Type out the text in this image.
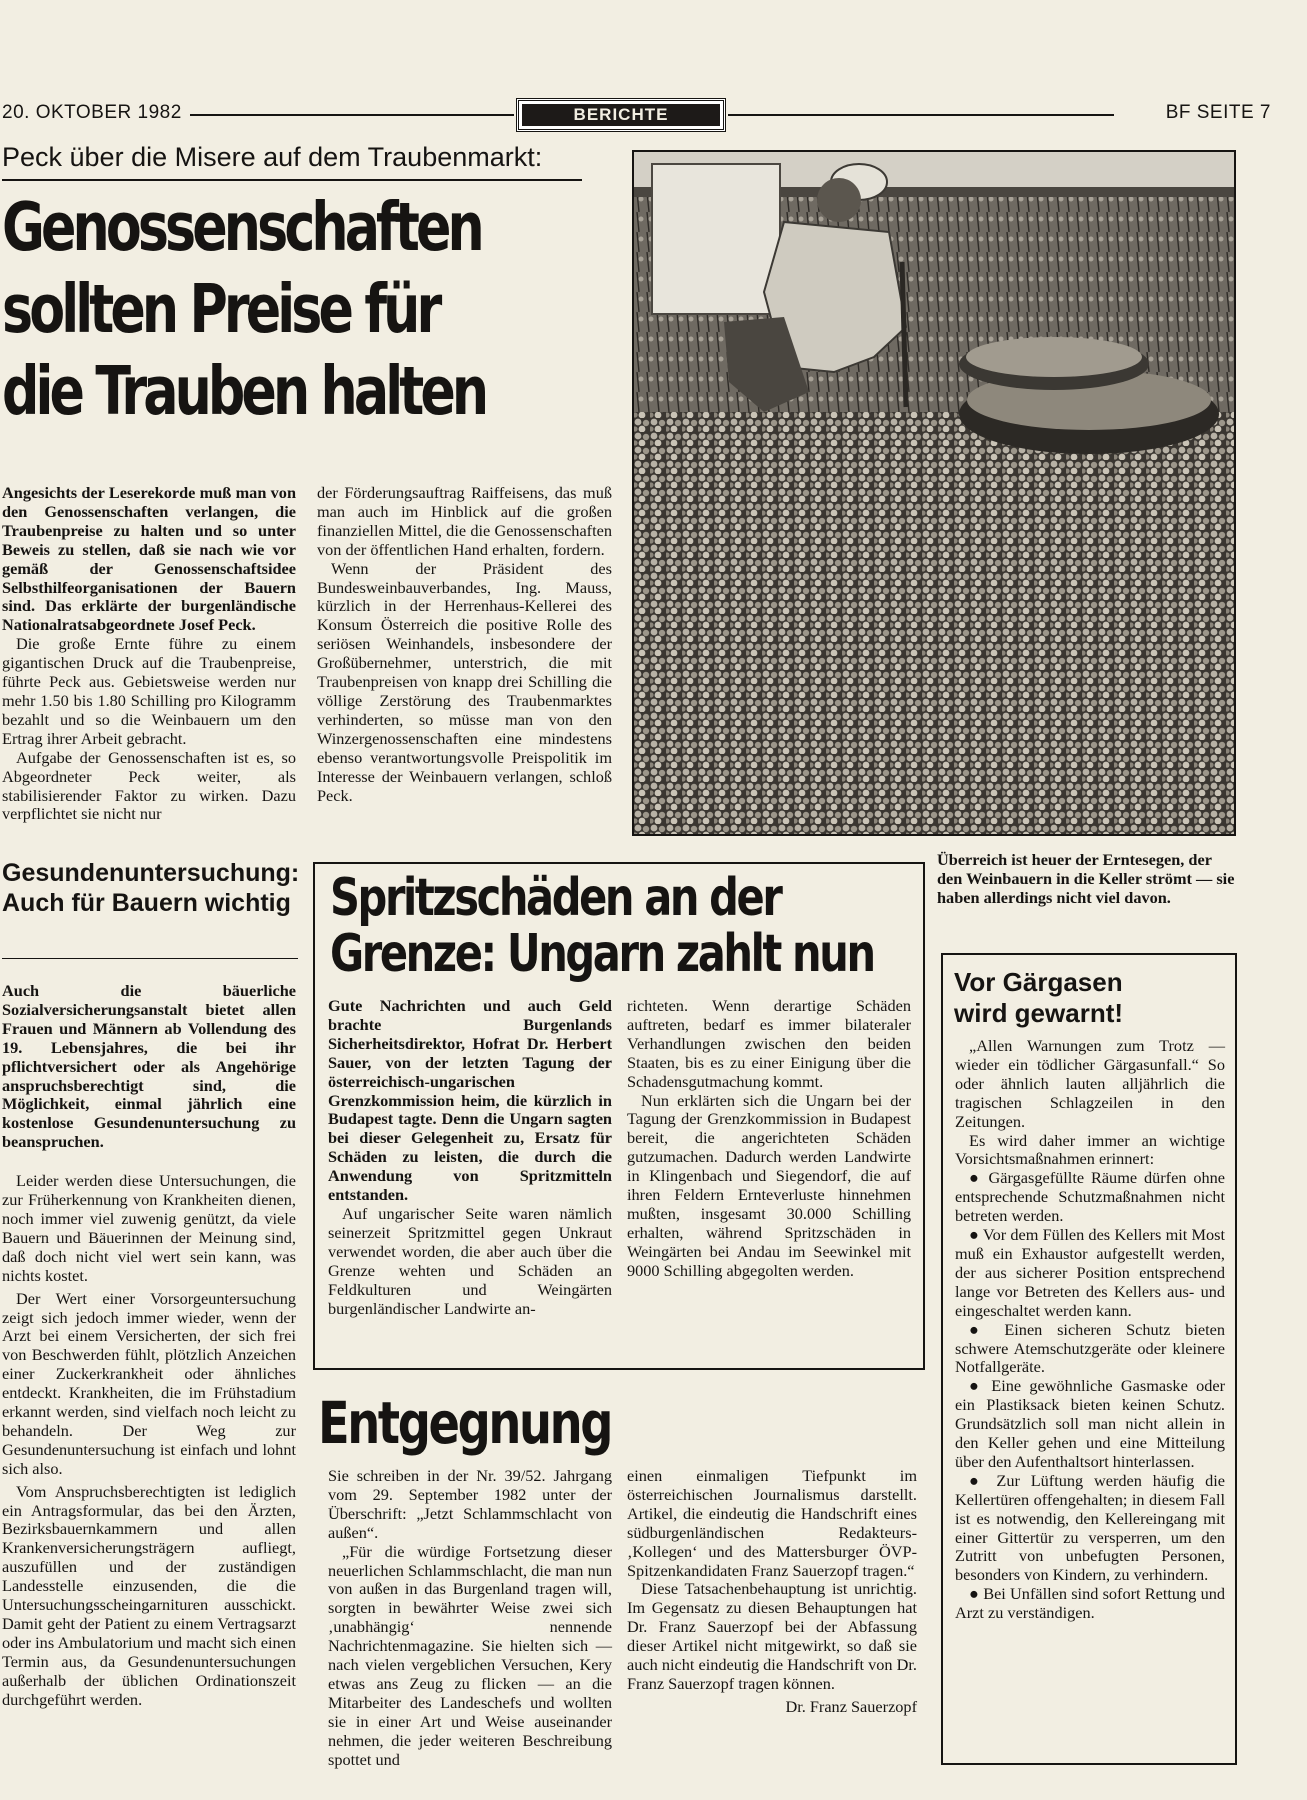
20. OKTOBER 1982	BERICHTE	BF SEITE 7
Peck über die Misere auf dem Traubenmarkt:
Genossenschaften
sollten Preise für
die Trauben halten

Angesichts der Leserekorde muß man von den Genossenschaften verlangen, die Traubenpreise zu halten und so unter Beweis zu stellen, daß sie nach wie vor gemäß der Genossenschaftsidee Selbsthilfeorganisationen der Bauern sind. Das erklärte der burgenländische Nationalratsabgeordnete Josef Peck.

Die große Ernte führe zu einem gigantischen Druck auf die Traubenpreise, führte Peck aus. Gebietsweise werden nur mehr 1.50 bis 1.80 Schilling pro Kilogramm bezahlt und so die Weinbauern um den Ertrag ihrer Arbeit gebracht.

Aufgabe der Genossenschaften ist es, so Abgeordneter Peck weiter, als stabilisierender Faktor zu wirken. Dazu verpflichtet sie nicht nur

der Förderungsauftrag Raiffeisens, das muß man auch im Hinblick auf die großen finanziellen Mittel, die die Genossenschaften von der öffentlichen Hand erhalten, fordern.

Wenn der Präsident des Bundesweinbauverbandes, Ing. Mauss, kürzlich in der Herrenhaus-Kellerei des Konsum Österreich die positive Rolle des seriösen Weinhandels, insbesondere der Großübernehmer, unterstrich, die mit Traubenpreisen von knapp drei Schilling die völlige Zerstörung des Traubenmarktes verhinderten, so müsse man von den Winzergenossenschaften eine mindestens ebenso verantwortungsvolle Preispolitik im Interesse der Weinbauern verlangen, schloß Peck.

Überreich ist heuer der Erntesegen, der den Weinbauern in die Keller strömt — sie haben allerdings nicht viel davon.
Gesundenuntersuchung: Auch für Bauern wichtig

Auch die bäuerliche Sozialversicherungsanstalt bietet allen Frauen und Männern ab Vollendung des 19. Lebensjahres, die bei ihr pflichtversichert oder als Angehörige anspruchsberechtigt sind, die Möglichkeit, einmal jährlich eine kostenlose Gesundenuntersuchung zu beanspruchen.

Leider werden diese Untersuchungen, die zur Früherkennung von Krankheiten dienen, noch immer viel zuwenig genützt, da viele Bauern und Bäuerinnen der Meinung sind, daß doch nicht viel wert sein kann, was nichts kostet.

Der Wert einer Vorsorgeuntersuchung zeigt sich jedoch immer wieder, wenn der Arzt bei einem Versicherten, der sich frei von Beschwerden fühlt, plötzlich Anzeichen einer Zuckerkrankheit oder ähnliches entdeckt. Krankheiten, die im Frühstadium erkannt werden, sind vielfach noch leicht zu behandeln. Der Weg zur Gesundenuntersuchung ist einfach und lohnt sich also.

Vom Anspruchsberechtigten ist lediglich ein Antragsformular, das bei den Ärzten, Bezirksbauernkammern und allen Krankenversicherungsträgern aufliegt, auszufüllen und der zuständigen Landesstelle einzusenden, die die Untersuchungsscheingarnituren ausschickt. Damit geht der Patient zu einem Vertragsarzt oder ins Ambulatorium und macht sich einen Termin aus, da Gesundenuntersuchungen außerhalb der üblichen Ordinationszeit durchgeführt werden.

Spritzschäden an der
Grenze: Ungarn zahlt nun

Gute Nachrichten und auch Geld brachte Burgenlands Sicherheitsdirektor, Hofrat Dr. Herbert Sauer, von der letzten Tagung der österreichisch-ungarischen Grenzkommission heim, die kürzlich in Budapest tagte. Denn die Ungarn sagten bei dieser Gelegenheit zu, Ersatz für Schäden zu leisten, die durch die Anwendung von Spritzmitteln entstanden.

Auf ungarischer Seite waren nämlich seinerzeit Spritzmittel gegen Unkraut verwendet worden, die aber auch über die Grenze wehten und Schäden an Feldkulturen und Weingärten burgenländischer Landwirte an-

richteten. Wenn derartige Schäden auftreten, bedarf es immer bilateraler Verhandlungen zwischen den beiden Staaten, bis es zu einer Einigung über die Schadensgutmachung kommt.

Nun erklärten sich die Ungarn bei der Tagung der Grenzkommission in Budapest bereit, die angerichteten Schäden gutzumachen. Dadurch werden Landwirte in Klingenbach und Siegendorf, die auf ihren Feldern Ernteverluste hinnehmen mußten, insgesamt 30.000 Schilling erhalten, während Spritzschäden in Weingärten bei Andau im Seewinkel mit 9000 Schilling abgegolten werden.

Entgegnung

Sie schreiben in der Nr. 39/52. Jahrgang vom 29. September 1982 unter der Überschrift: „Jetzt Schlammschlacht von außen“.

„Für die würdige Fortsetzung dieser neuerlichen Schlammschlacht, die man nun von außen in das Burgenland tragen will, sorgten in bewährter Weise zwei sich ‚unabhängig‘ nennende Nachrichtenmagazine. Sie hielten sich — nach vielen vergeblichen Versuchen, Kery etwas ans Zeug zu flicken — an die Mitarbeiter des Landeschefs und wollten sie in einer Art und Weise auseinander nehmen, die jeder weiteren Beschreibung spottet und

einen einmaligen Tiefpunkt im österreichischen Journalismus darstellt. Artikel, die eindeutig die Handschrift eines südburgenländischen Redakteurs-‚Kollegen‘ und des Mattersburger ÖVP-Spitzenkandidaten Franz Sauerzopf tragen.“

Diese Tatsachenbehauptung ist unrichtig. Im Gegensatz zu diesen Behauptungen hat Dr. Franz Sauerzopf bei der Abfassung dieser Artikel nicht mitgewirkt, so daß sie auch nicht eindeutig die Handschrift von Dr. Franz Sauerzopf tragen können.

Dr. Franz Sauerzopf

Vor Gärgasen
wird gewarnt!

„Allen Warnungen zum Trotz — wieder ein tödlicher Gärgasunfall.“ So oder ähnlich lauten alljährlich die tragischen Schlagzeilen in den Zeitungen.

Es wird daher immer an wichtige Vorsichtsmaßnahmen erinnert:

● Gärgasgefüllte Räume dürfen ohne entsprechende Schutzmaßnahmen nicht betreten werden.

● Vor dem Füllen des Kellers mit Most muß ein Exhaustor aufgestellt werden, der aus sicherer Position entsprechend lange vor Betreten des Kellers aus- und eingeschaltet werden kann.

● Einen sicheren Schutz bieten schwere Atemschutzgeräte oder kleinere Notfallgeräte.

● Eine gewöhnliche Gasmaske oder ein Plastiksack bieten keinen Schutz. Grundsätzlich soll man nicht allein in den Keller gehen und eine Mitteilung über den Aufenthaltsort hinterlassen.

● Zur Lüftung werden häufig die Kellertüren offengehalten; in diesem Fall ist es notwendig, den Kellereingang mit einer Gittertür zu versperren, um den Zutritt von unbefugten Personen, besonders von Kindern, zu verhindern.

● Bei Unfällen sind sofort Rettung und Arzt zu verständigen.
